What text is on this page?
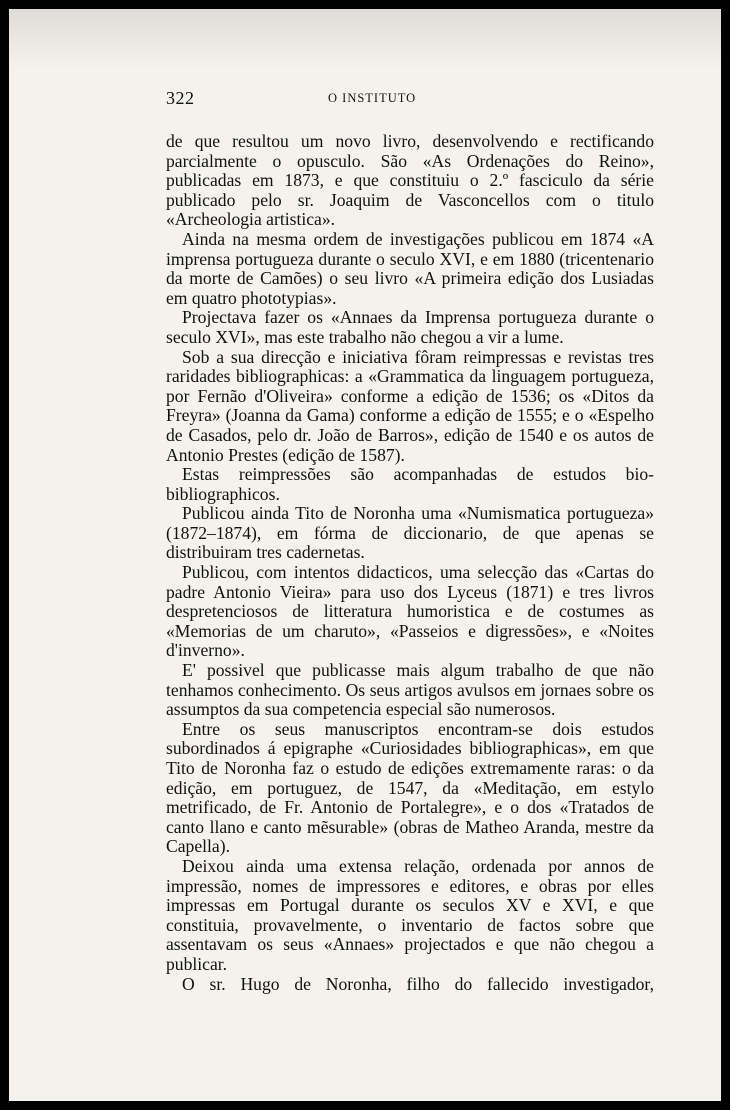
322	O INSTITUTO

de que resultou um novo livro, desenvolvendo e rectificando parcialmente o opusculo. São «As Ordenações do Reino», publicadas em 1873, e que constituiu o 2.º fasciculo da série publicado pelo sr. Joaquim de Vasconcellos com o titulo «Archeologia artistica».

Ainda na mesma ordem de investigações publicou em 1874 «A imprensa portugueza durante o seculo XVI, e em 1880 (tricentenario da morte de Camões) o seu livro «A primeira edição dos Lusiadas em quatro phototypias».

Projectava fazer os «Annaes da Imprensa portugueza durante o seculo XVI», mas este trabalho não chegou a vir a lume.

Sob a sua direcção e iniciativa fôram reimpressas e revistas tres raridades bibliographicas: a «Grammatica da linguagem portugueza, por Fernão d'Oliveira» conforme a edição de 1536; os «Ditos da Freyra» (Joanna da Gama) conforme a edição de 1555; e o «Espelho de Casados, pelo dr. João de Barros», edição de 1540 e os autos de Antonio Prestes (edição de 1587).

Estas reimpressões são acompanhadas de estudos bio-bibliographicos.

Publicou ainda Tito de Noronha uma «Numismatica portugueza» (1872–1874), em fórma de diccionario, de que apenas se distribuiram tres cadernetas.

Publicou, com intentos didacticos, uma selecção das «Cartas do padre Antonio Vieira» para uso dos Lyceus (1871) e tres livros despretenciosos de litteratura humoristica e de costumes as «Memorias de um charuto», «Passeios e digressões», e «Noites d'inverno».

E' possivel que publicasse mais algum trabalho de que não tenhamos conhecimento. Os seus artigos avulsos em jornaes sobre os assumptos da sua competencia especial são numerosos.

Entre os seus manuscriptos encontram-se dois estudos subordinados á epigraphe «Curiosidades bibliographicas», em que Tito de Noronha faz o estudo de edições extremamente raras: o da edição, em portuguez, de 1547, da «Meditação, em estylo metrificado, de Fr. Antonio de Portalegre», e o dos «Tratados de canto llano e canto mẽsurable» (obras de Matheo Aranda, mestre da Capella).

Deixou ainda uma extensa relação, ordenada por annos de impressão, nomes de impressores e editores, e obras por elles impressas em Portugal durante os seculos XV e XVI, e que constituia, provavelmente, o inventario de factos sobre que assentavam os seus «Annaes» projectados e que não chegou a publicar.

O sr. Hugo de Noronha, filho do fallecido investigador,
